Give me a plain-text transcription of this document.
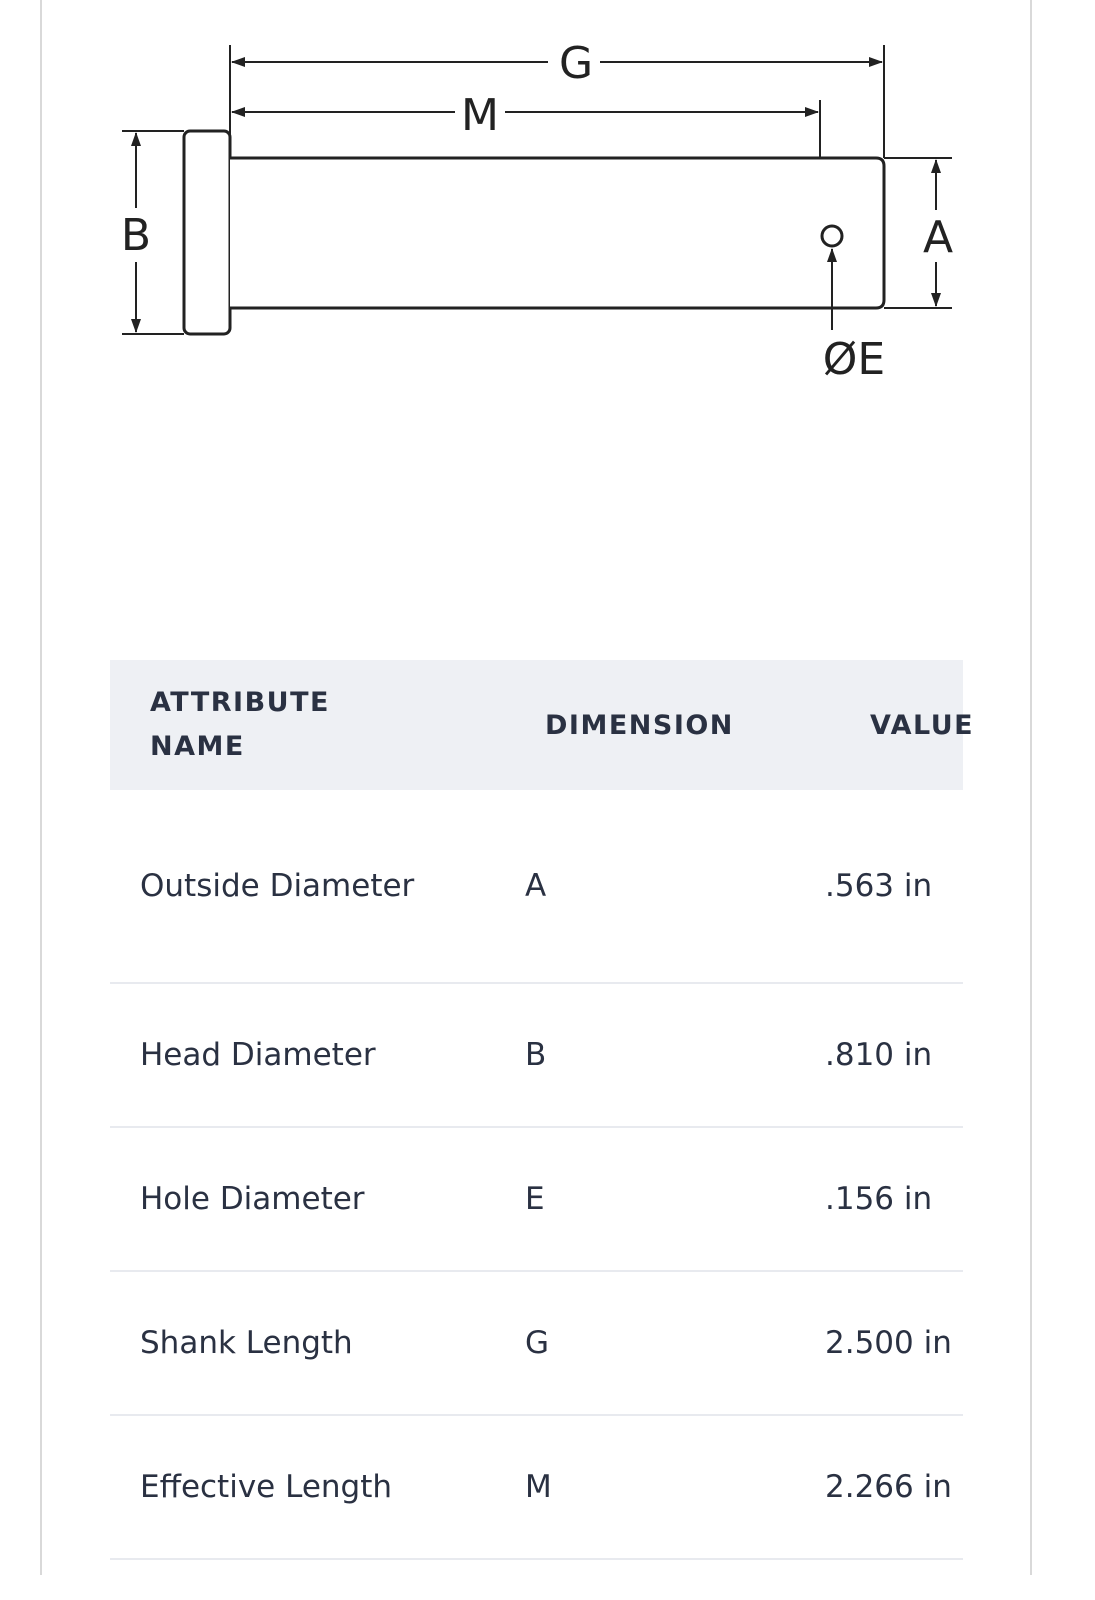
G
M
B	A
ØE
ATTRIBUTE NAME	DIMENSION	VALUE

Outside Diameter	A	.563 in

Head Diameter	B	.810 in

Hole Diameter	E	.156 in

Shank Length	G	2.500 in

Effective Length	M	2.266 in
